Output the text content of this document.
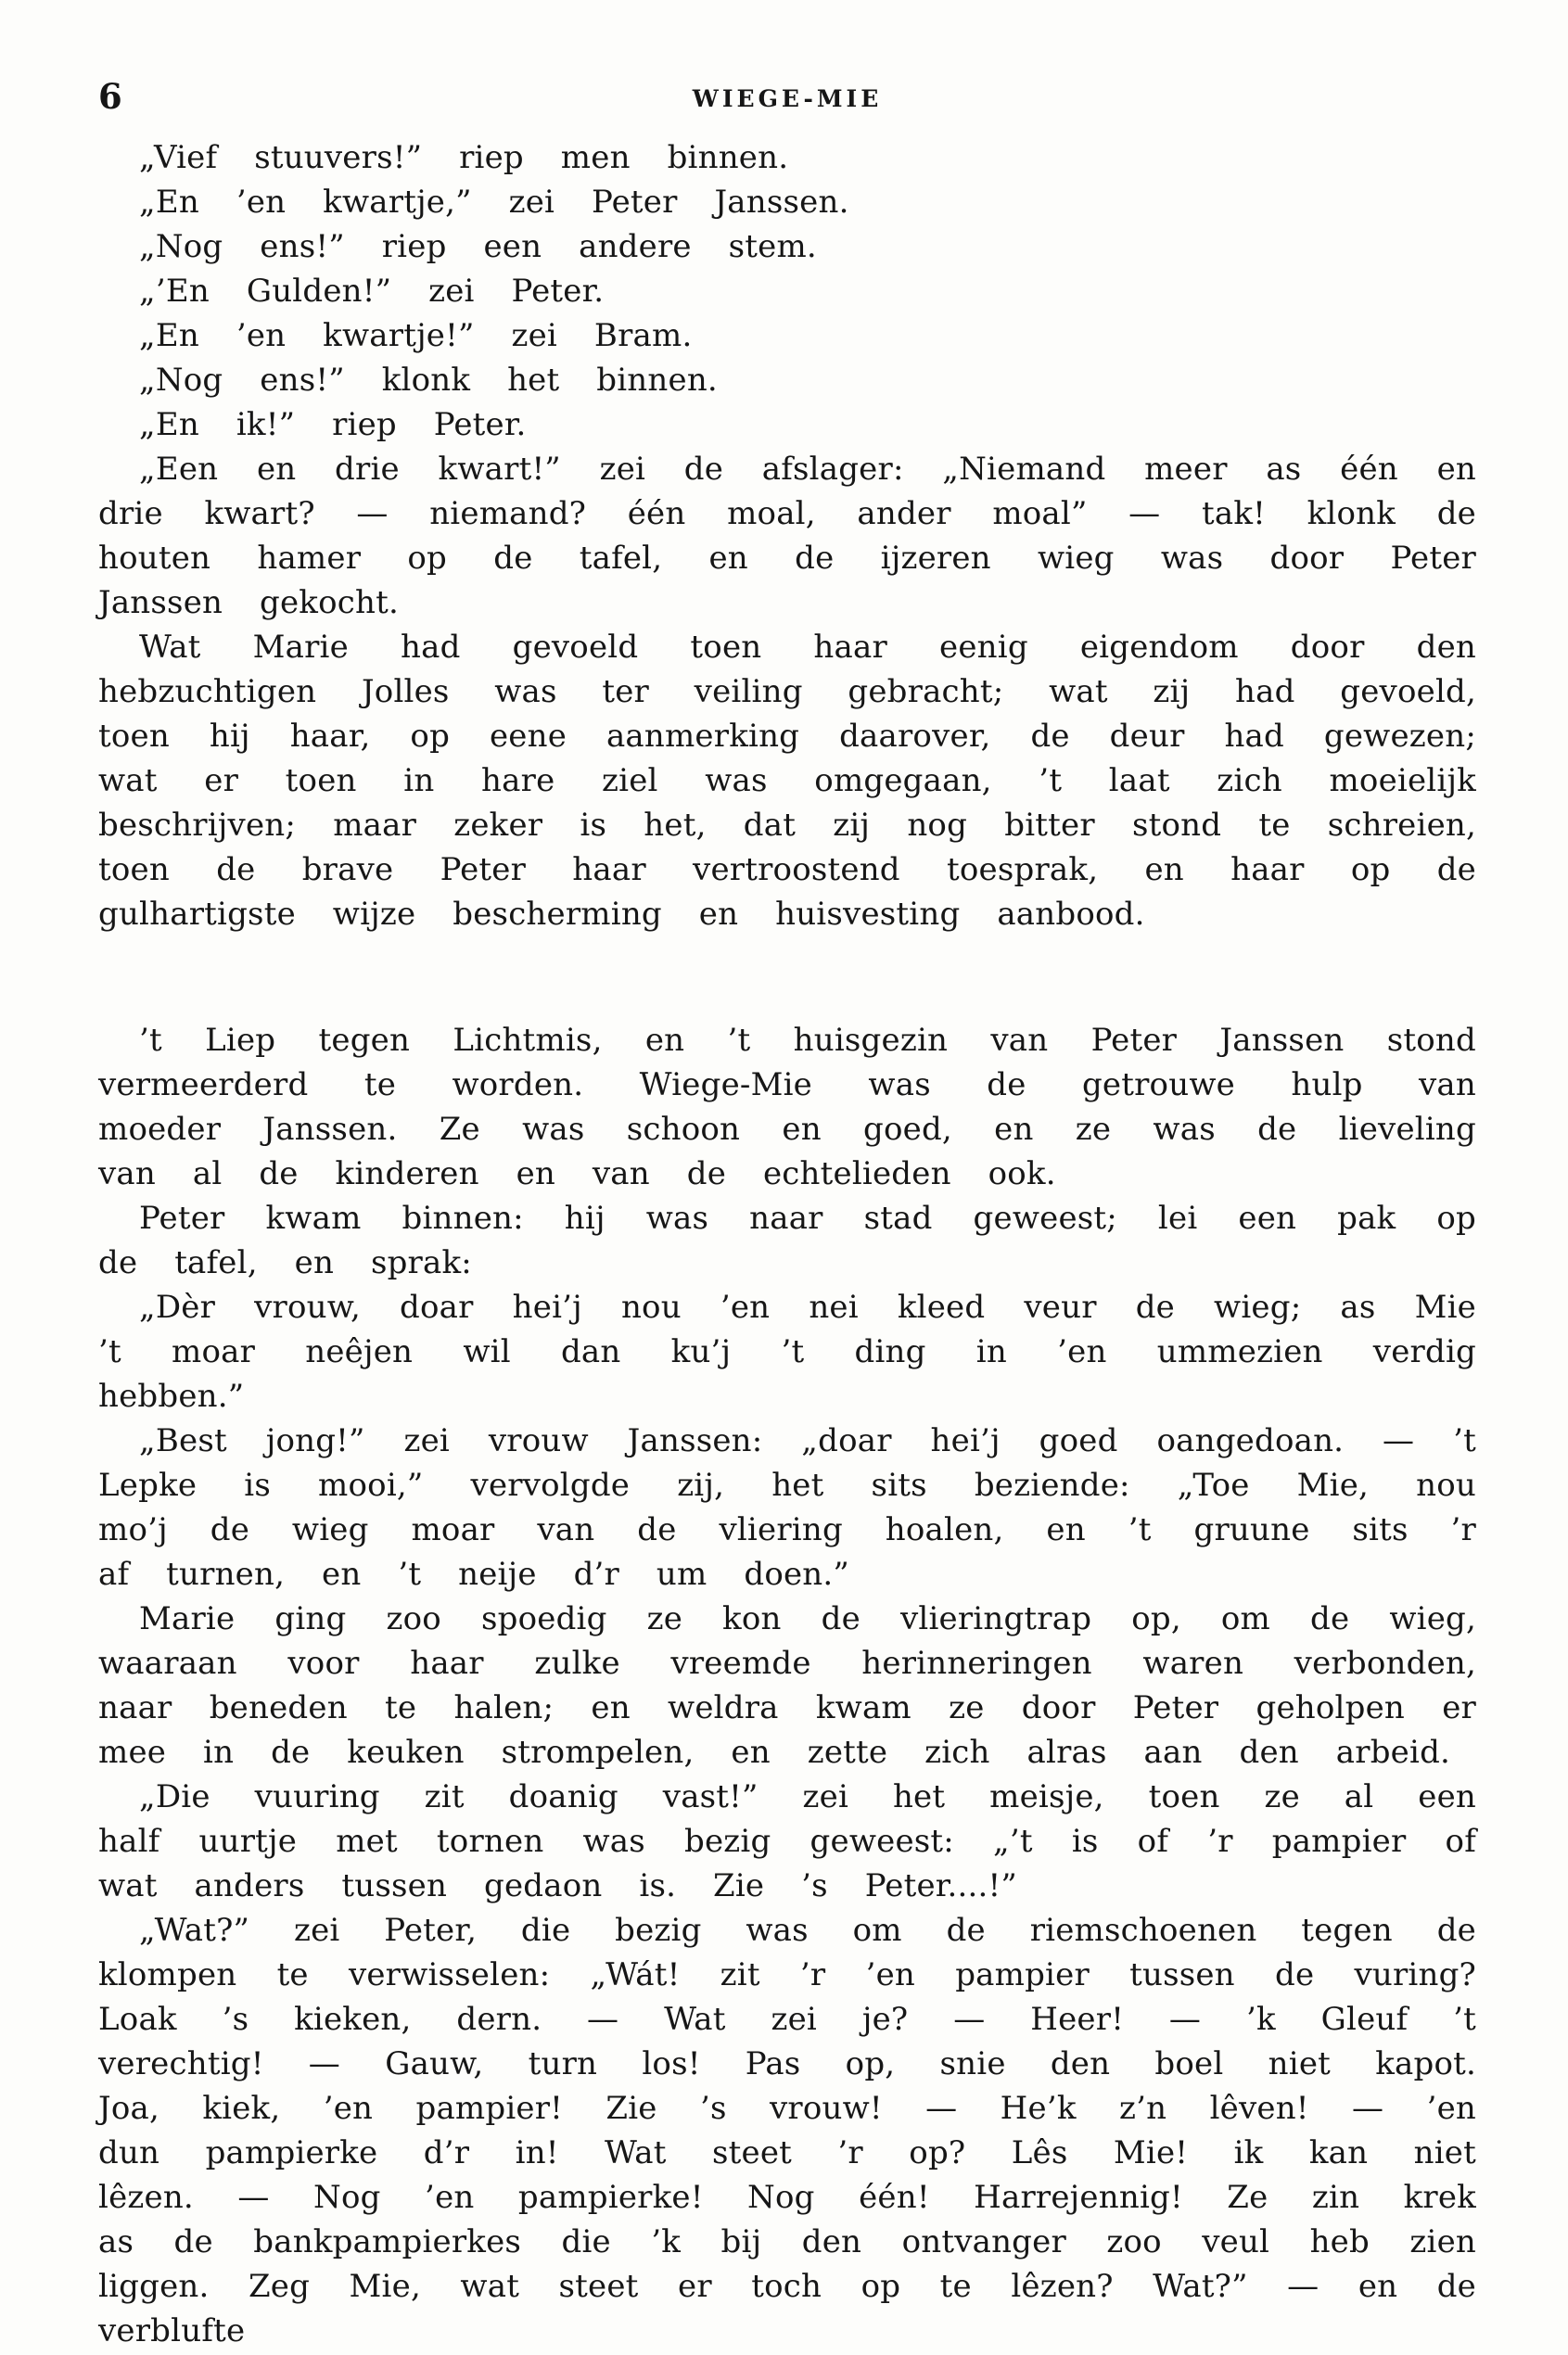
6	WIEGE-MIE

„Vief stuuvers!” riep men binnen.

„En ’en kwartje,” zei Peter Janssen.

„Nog ens!” riep een andere stem.

„’En Gulden!” zei Peter.

„En ’en kwartje!” zei Bram.

„Nog ens!” klonk het binnen.

„En ik!” riep Peter.

„Een en drie kwart!” zei de afslager: „Niemand meer as één en drie kwart? — niemand? één moal, ander moal” — tak! klonk de houten hamer op de tafel, en de ijzeren wieg was door Peter Janssen gekocht.

Wat Marie had gevoeld toen haar eenig eigendom door den hebzuchtigen Jolles was ter veiling gebracht; wat zij had gevoeld, toen hij haar, op eene aanmerking daarover, de deur had gewezen; wat er toen in hare ziel was omgegaan, ’t laat zich moeielijk beschrijven; maar zeker is het, dat zij nog bitter stond te schreien, toen de brave Peter haar vertroostend toesprak, en haar op de gulhartigste wijze bescherming en huisvesting aanbood.

’t Liep tegen Lichtmis, en ’t huisgezin van Peter Janssen stond vermeerderd te worden. Wiege-Mie was de getrouwe hulp van moeder Janssen. Ze was schoon en goed, en ze was de lieveling van al de kinderen en van de echtelieden ook.

Peter kwam binnen: hij was naar stad geweest; lei een pak op de tafel, en sprak:

„Dèr vrouw, doar hei’j nou ’en nei kleed veur de wieg; as Mie ’t moar neêjen wil dan ku’j ’t ding in ’en ummezien verdig hebben.”

„Best jong!” zei vrouw Janssen: „doar hei’j goed oangedoan. — ’t Lepke is mooi,” vervolgde zij, het sits beziende: „Toe Mie, nou mo’j de wieg moar van de vliering hoalen, en ’t gruune sits ’r af turnen, en ’t neije d’r um doen.”

Marie ging zoo spoedig ze kon de vlieringtrap op, om de wieg, waaraan voor haar zulke vreemde herinneringen waren verbonden, naar beneden te halen; en weldra kwam ze door Peter geholpen er mee in de keuken strompelen, en zette zich alras aan den arbeid.

„Die vuuring zit doanig vast!” zei het meisje, toen ze al een half uurtje met tornen was bezig geweest: „’t is of ’r pampier of wat anders tussen gedaon is. Zie ’s Peter....!”

„Wat?” zei Peter, die bezig was om de riemschoenen tegen de klompen te verwisselen: „Wát! zit ’r ’en pampier tussen de vuring? Loak ’s kieken, dern. — Wat zei je? — Heer! — ’k Gleuf ’t verechtig! — Gauw, turn los! Pas op, snie den boel niet kapot. Joa, kiek, ’en pampier! Zie ’s vrouw! — He’k z’n lêven! — ’en dun pampierke d’r in! Wat steet ’r op? Lês Mie! ik kan niet lêzen. — Nog ’en pampierke! Nog één! Harrejennig! Ze zin krek as de bankpampierkes die ’k bij den ontvanger zoo veul heb zien liggen. Zeg Mie, wat steet er toch op te lêzen? Wat?” — en de verblufte
